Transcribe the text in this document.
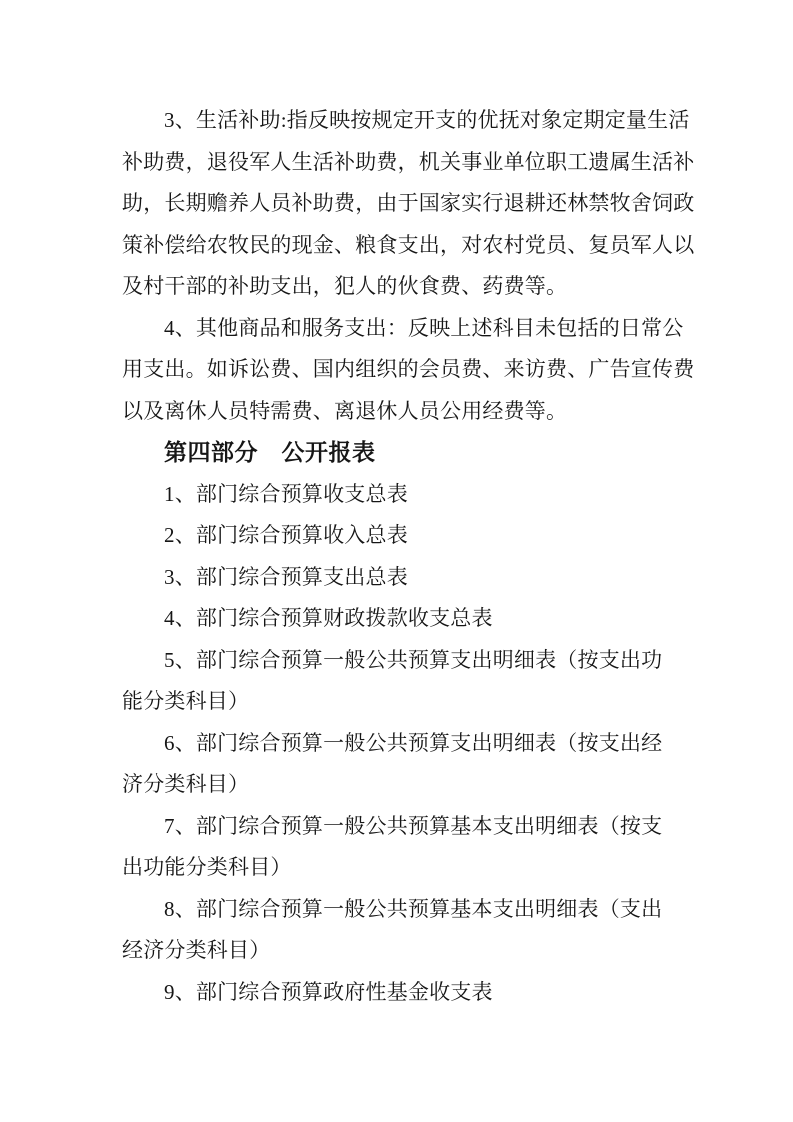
3、生活补助:指反映按规定开支的优抚对象定期定量生活
补助费，退役军人生活补助费，机关事业单位职工遗属生活补
助，长期赡养人员补助费，由于国家实行退耕还林禁牧舍饲政
策补偿给农牧民的现金、粮食支出，对农村党员、复员军人以
及村干部的补助支出，犯人的伙食费、药费等。
4、其他商品和服务支出：反映上述科目未包括的日常公
用支出。如诉讼费、国内组织的会员费、来访费、广告宣传费
以及离休人员特需费、离退休人员公用经费等。
第四部分　公开报表
1、部门综合预算收支总表
2、部门综合预算收入总表
3、部门综合预算支出总表
4、部门综合预算财政拨款收支总表
5、部门综合预算一般公共预算支出明细表（按支出功
能分类科目）
6、部门综合预算一般公共预算支出明细表（按支出经
济分类科目）
7、部门综合预算一般公共预算基本支出明细表（按支
出功能分类科目）
8、部门综合预算一般公共预算基本支出明细表（支出
经济分类科目）
9、部门综合预算政府性基金收支表
